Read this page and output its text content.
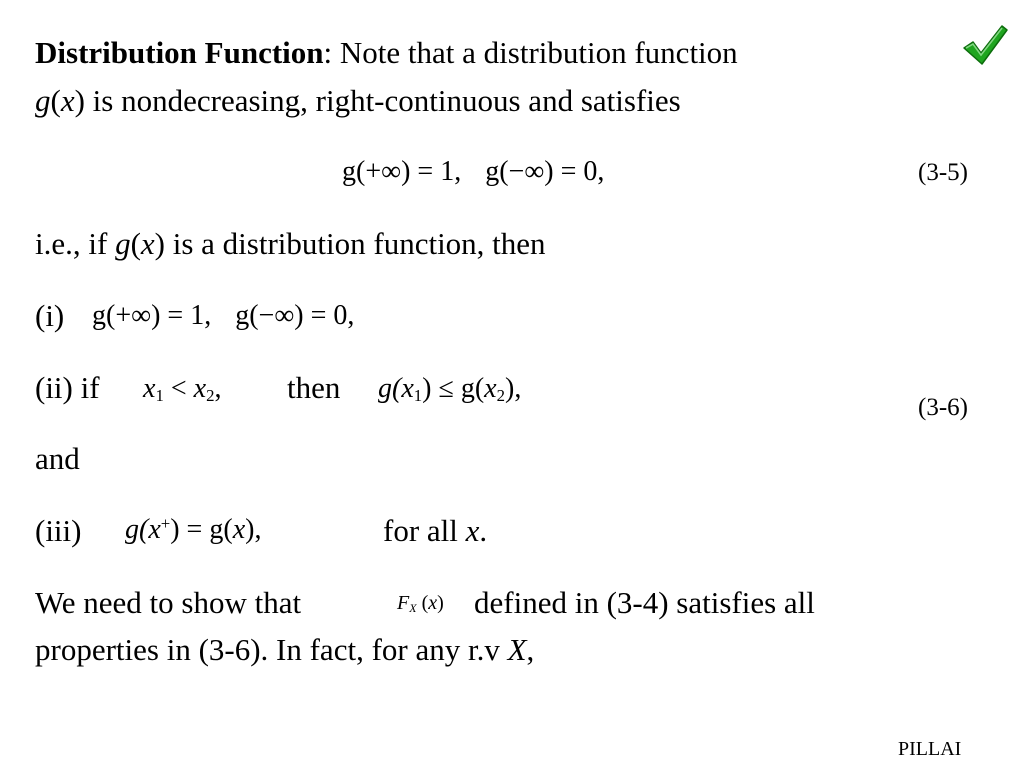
Distribution Function: Note that a distribution function
g(x) is nondecreasing, right-continuous and satisfies
g(+∞) = 1, g(−∞) = 0,	(3-5)
i.e., if g(x) is a distribution function, then
(i) g(+∞) = 1, g(−∞) = 0,
(ii) if $x_1 < x_2$, then $g(x_1) \le g(x_2)$,
(3-6)
and
(iii) g(x+) = g(x),	for all x.
We need to show that	$F_X$ (x) defined in (3-4) satisfies all
properties in (3-6). In fact, for any r.v X,
PILLAI
